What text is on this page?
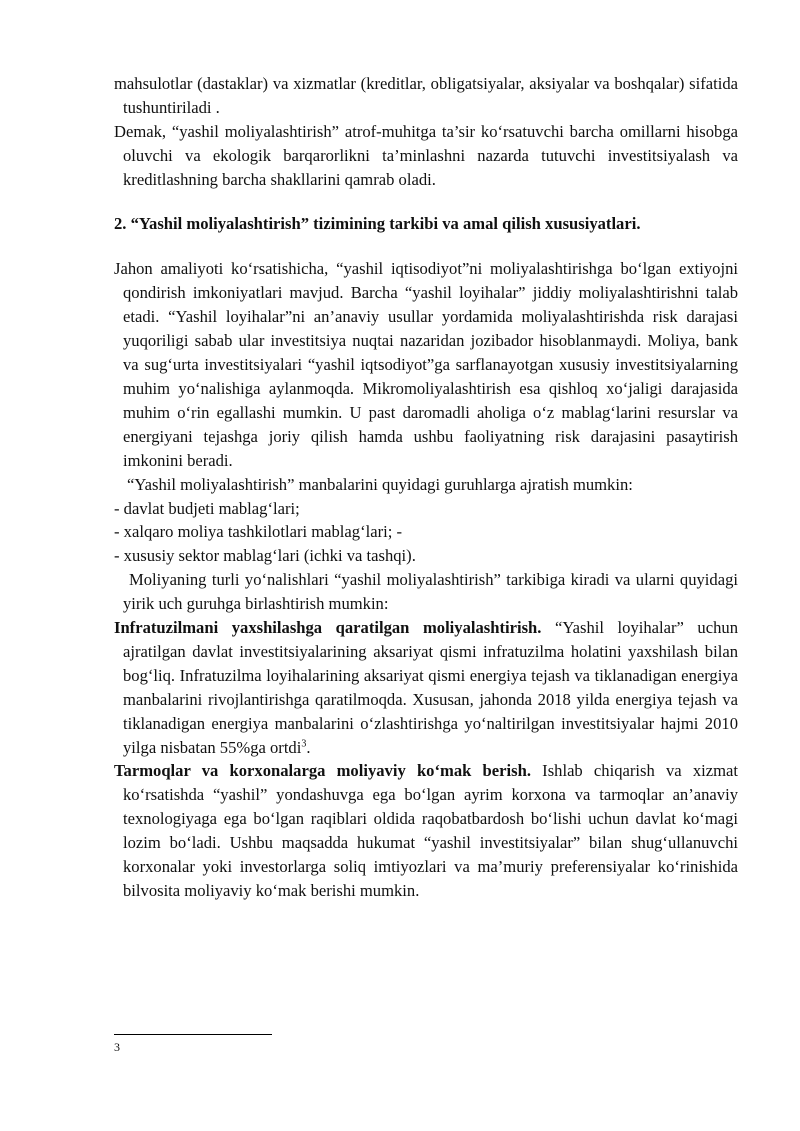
mahsulotlar (dastaklar) va xizmatlar (kreditlar, obligatsiyalar, aksiyalar va boshqalar) sifatida tushuntiriladi .

Demak, “yashil moliyalashtirish” atrof-muhitga ta’sir ko‘rsatuvchi barcha omillarni hisobga oluvchi va ekologik barqarorlikni ta’minlashni nazarda tutuvchi investitsiyalash va kreditlashning barcha shakllarini qamrab oladi.

2. “Yashil moliyalashtirish” tizimining tarkibi va amal qilish xususiyatlari.

Jahon amaliyoti ko‘rsatishicha, “yashil iqtisodiyot”ni moliyalashtirishga bo‘lgan extiyojni qondirish imkoniyatlari mavjud. Barcha “yashil loyihalar” jiddiy moliyalashtirishni talab etadi. “Yashil loyihalar”ni an’anaviy usullar yordamida moliyalashtirishda risk darajasi yuqoriligi sabab ular investitsiya nuqtai nazaridan jozibador hisoblanmaydi. Moliya, bank va sug‘urta investitsiyalari “yashil iqtsodiyot”ga sarflanayotgan xususiy investitsiyalarning muhim yo‘nalishiga aylanmoqda. Mikromoliyalashtirish esa qishloq xo‘jaligi darajasida muhim o‘rin egallashi mumkin. U past daromadli aholiga o‘z mablag‘larini resurslar va energiyani tejashga joriy qilish hamda ushbu faoliyatning risk darajasini pasaytirish imkonini beradi.

“Yashil moliyalashtirish” manbalarini quyidagi guruhlarga ajratish mumkin:

- davlat budjeti mablag‘lari;

- xalqaro moliya tashkilotlari mablag‘lari; -

- xususiy sektor mablag‘lari (ichki va tashqi).

Moliyaning turli yo‘nalishlari “yashil moliyalashtirish” tarkibiga kiradi va ularni quyidagi yirik uch guruhga birlashtirish mumkin:

Infratuzilmani yaxshilashga qaratilgan moliyalashtirish. “Yashil loyihalar” uchun ajratilgan davlat investitsiyalarining aksariyat qismi infratuzilma holatini yaxshilash bilan bog‘liq. Infratuzilma loyihalarining aksariyat qismi energiya tejash va tiklanadigan energiya manbalarini rivojlantirishga qaratilmoqda. Xususan, jahonda 2018 yilda energiya tejash va tiklanadigan energiya manbalarini o‘zlashtirishga yo‘naltirilgan investitsiyalar hajmi 2010 yilga nisbatan 55%ga ortdi$^3$.

Tarmoqlar va korxonalarga moliyaviy ko‘mak berish. Ishlab chiqarish va xizmat ko‘rsatishda “yashil” yondashuvga ega bo‘lgan ayrim korxona va tarmoqlar an’anaviy texnologiyaga ega bo‘lgan raqiblari oldida raqobatbardosh bo‘lishi uchun davlat ko‘magi lozim bo‘ladi. Ushbu maqsadda hukumat “yashil investitsiyalar” bilan shug‘ullanuvchi korxonalar yoki investorlarga soliq imtiyozlari va ma’muriy preferensiyalar ko‘rinishida bilvosita moliyaviy ko‘mak berishi mumkin.

3
